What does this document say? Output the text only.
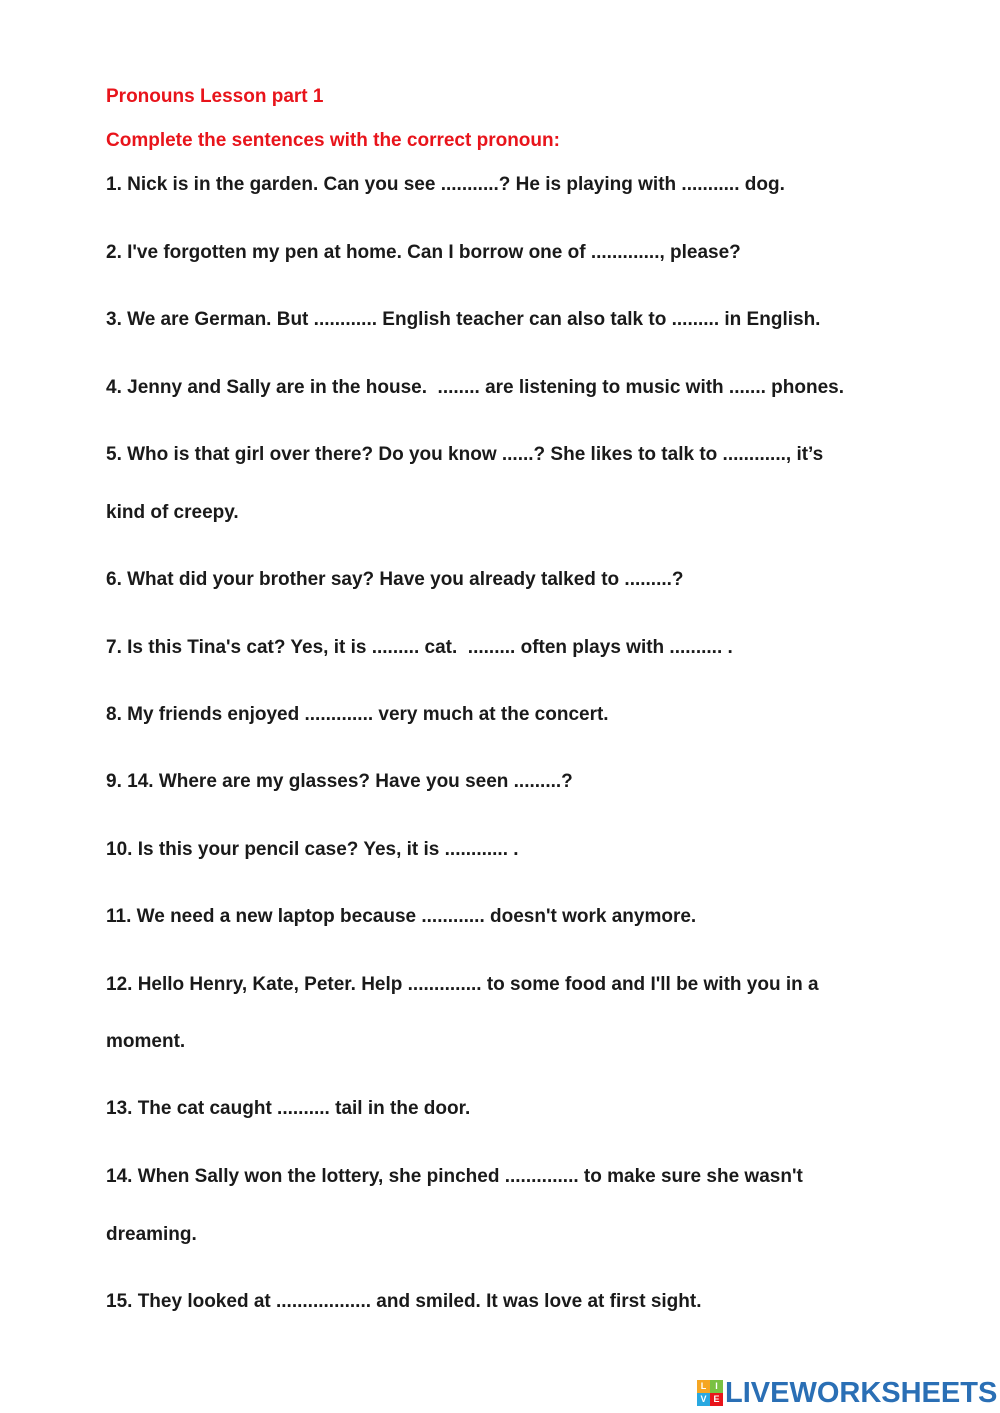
Pronouns Lesson part 1
Complete the sentences with the correct pronoun:
1. Nick is in the garden. Can you see ...........? He is playing with ........... dog.
2. I've forgotten my pen at home. Can I borrow one of ............., please?
3. We are German. But ............ English teacher can also talk to ......... in English.
4. Jenny and Sally are in the house.  ........ are listening to music with ....... phones.
5. Who is that girl over there? Do you know ......? She likes to talk to ............, it’s
kind of creepy.
6. What did your brother say? Have you already talked to .........?
7. Is this Tina's cat? Yes, it is ......... cat.  ......... often plays with .......... .
8. My friends enjoyed ............. very much at the concert.
9. 14. Where are my glasses? Have you seen .........?
10. Is this your pencil case? Yes, it is ............ .
11. We need a new laptop because ............ doesn't work anymore.
12. Hello Henry, Kate, Peter. Help .............. to some food and I'll be with you in a
moment.
13. The cat caught .......... tail in the door.
14. When Sally won the lottery, she pinched .............. to make sure she wasn't
dreaming.
15. They looked at .................. and smiled. It was love at first sight.
L I
V E LIVEWORKSHEETS
